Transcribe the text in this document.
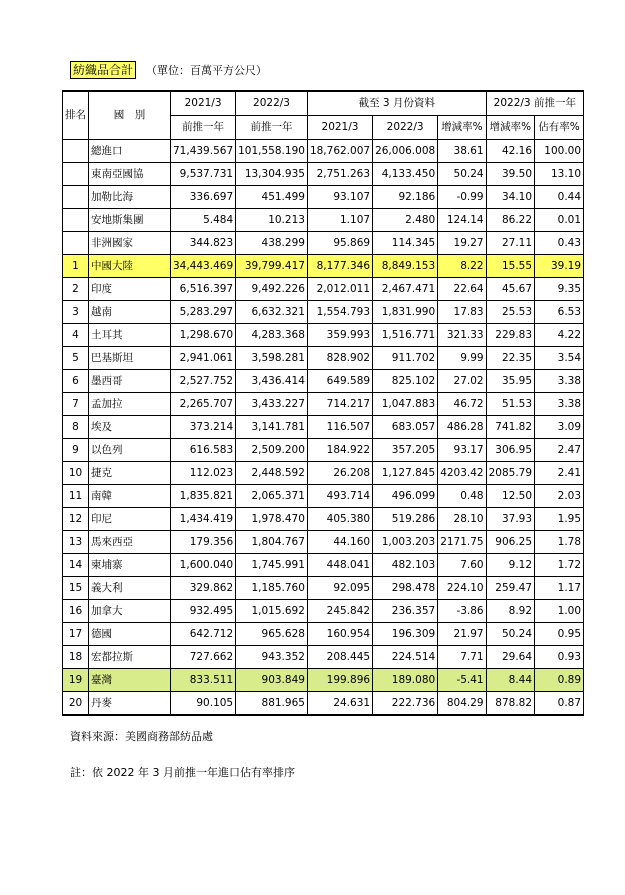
紡織品合計 （單位：百萬平方公尺）
排名	國　別	2021/3	2022/3	截至 3 月份資料			2022/3 前推一年	
		前推一年	前推一年	2021/3	2022/3	增減率%	增減率%	佔有率%
	總進口	71,439.567	101,558.190	18,762.007	26,006.008	38.61	42.16	100.00
	東南亞國協	9,537.731	13,304.935	2,751.263	4,133.450	50.24	39.50	13.10
	加勒比海	336.697	451.499	93.107	92.186	-0.99	34.10	0.44
	安地斯集團	5.484	10.213	1.107	2.480	124.14	86.22	0.01
	非洲國家	344.823	438.299	95.869	114.345	19.27	27.11	0.43
1	中國大陸	34,443.469	39,799.417	8,177.346	8,849.153	8.22	15.55	39.19
2	印度	6,516.397	9,492.226	2,012.011	2,467.471	22.64	45.67	9.35
3	越南	5,283.297	6,632.321	1,554.793	1,831.990	17.83	25.53	6.53
4	土耳其	1,298.670	4,283.368	359.993	1,516.771	321.33	229.83	4.22
5	巴基斯坦	2,941.061	3,598.281	828.902	911.702	9.99	22.35	3.54
6	墨西哥	2,527.752	3,436.414	649.589	825.102	27.02	35.95	3.38
7	孟加拉	2,265.707	3,433.227	714.217	1,047.883	46.72	51.53	3.38
8	埃及	373.214	3,141.781	116.507	683.057	486.28	741.82	3.09
9	以色列	616.583	2,509.200	184.922	357.205	93.17	306.95	2.47
10	捷克	112.023	2,448.592	26.208	1,127.845	4203.42	2085.79	2.41
11	南韓	1,835.821	2,065.371	493.714	496.099	0.48	12.50	2.03
12	印尼	1,434.419	1,978.470	405.380	519.286	28.10	37.93	1.95
13	馬來西亞	179.356	1,804.767	44.160	1,003.203	2171.75	906.25	1.78
14	柬埔寨	1,600.040	1,745.991	448.041	482.103	7.60	9.12	1.72
15	義大利	329.862	1,185.760	92.095	298.478	224.10	259.47	1.17
16	加拿大	932.495	1,015.692	245.842	236.357	-3.86	8.92	1.00
17	德國	642.712	965.628	160.954	196.309	21.97	50.24	0.95
18	宏都拉斯	727.662	943.352	208.445	224.514	7.71	29.64	0.93
19	臺灣	833.511	903.849	199.896	189.080	-5.41	8.44	0.89
20	丹麥	90.105	881.965	24.631	222.736	804.29	878.82	0.87
資料來源：美國商務部紡品處
註：依 2022 年 3 月前推一年進口佔有率排序
